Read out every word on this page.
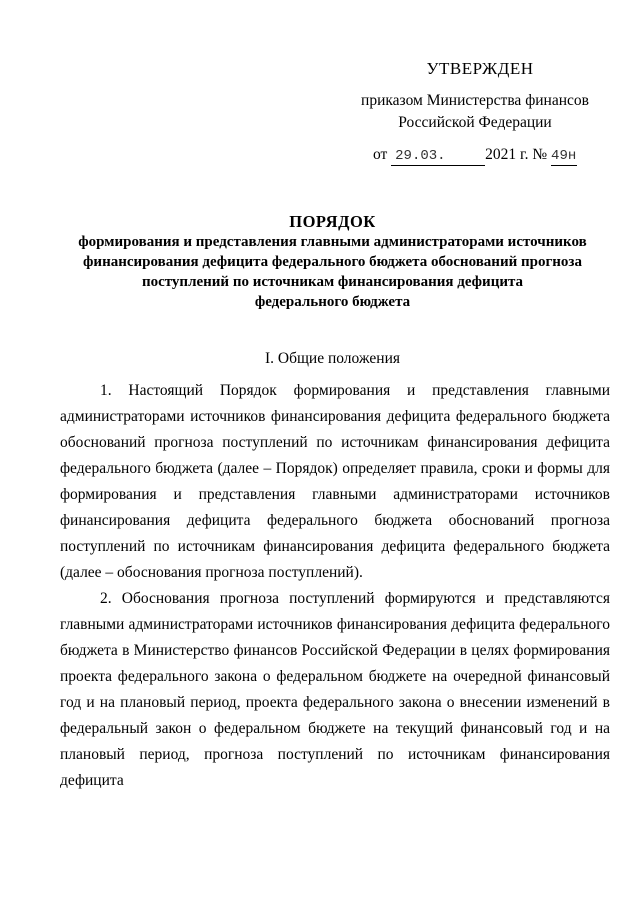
УТВЕРЖДЕН
приказом Министерства финансов
Российской Федерации
от 29.03.	2021 г. № 49н
ПОРЯДОК
формирования и представления главными администраторами источников
финансирования дефицита федерального бюджета обоснований прогноза
поступлений по источникам финансирования дефицита
федерального бюджета
I. Общие положения

1. Настоящий Порядок формирования и представления главными администраторами источников финансирования дефицита федерального бюджета обоснований прогноза поступлений по источникам финансирования дефицита федерального бюджета (далее – Порядок) определяет правила, сроки и формы для формирования и представления главными администраторами источников финансирования дефицита федерального бюджета обоснований прогноза поступлений по источникам финансирования дефицита федерального бюджета (далее – обоснования прогноза поступлений).

2. Обоснования прогноза поступлений формируются и представляются главными администраторами источников финансирования дефицита федерального бюджета в Министерство финансов Российской Федерации в целях формирования проекта федерального закона о федеральном бюджете на очередной финансовый год и на плановый период, проекта федерального закона о внесении изменений в федеральный закон о федеральном бюджете на текущий финансовый год и на плановый период, прогноза поступлений по источникам финансирования дефицита
